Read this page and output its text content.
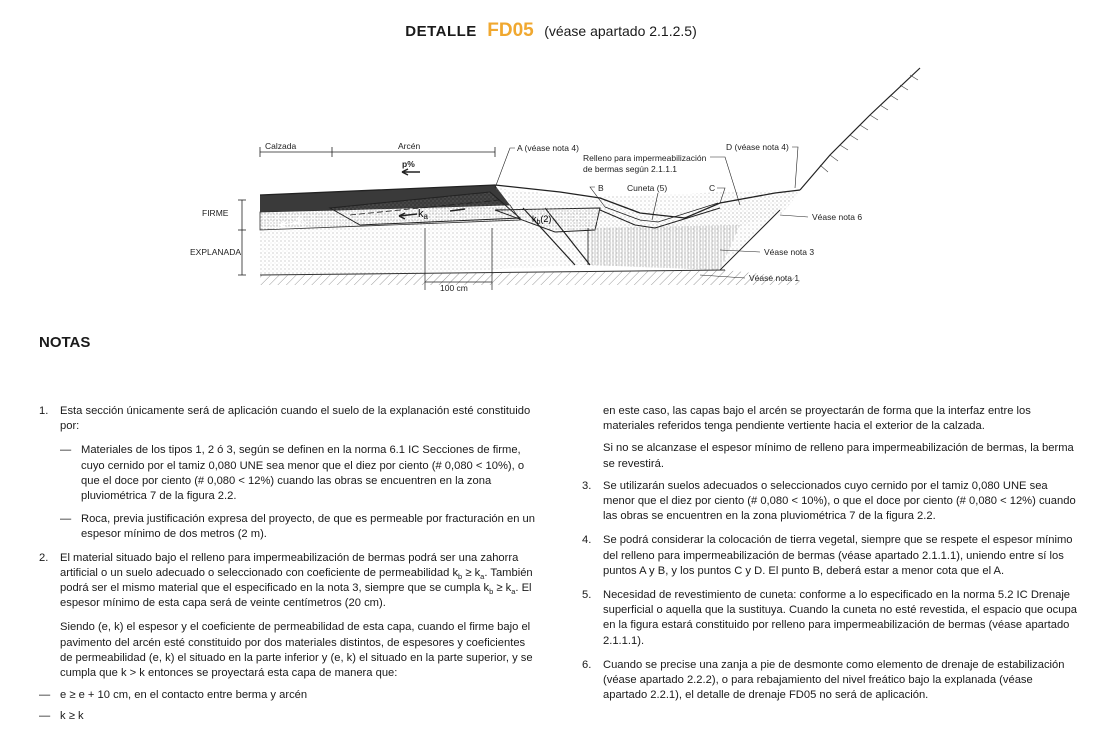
DETALLE FD05 (véase apartado 2.1.2.5)
Calzada	Arcén
FIRME
EXPLANADA
p%
kc
ka	$k_b(2)$
100 cm
A (véase nota 4)
Relleno para impermeabilización
de bermas según 2.1.1.1
B	Cuneta (5)	C
D (véase nota 4)
Véase nota 6
Véase nota 3
Véase nota 1
NOTAS
1. Esta sección únicamente será de aplicación cuando el suelo de la explanación esté constituido por:
— Materiales de los tipos 1, 2 ó 3, según se definen en la norma 6.1 IC Secciones de firme, cuyo cernido por el tamiz 0,080 UNE sea menor que el diez por ciento (# 0,080 < 10%), o que el doce por ciento (# 0,080 < 12%) cuando las obras se encuentren en la zona pluviométrica 7 de la figura 2.2.
— Roca, previa justificación expresa del proyecto, de que es permeable por fracturación en un espesor mínimo de dos metros (2 m).
2. El material situado bajo el relleno para impermeabilización de bermas podrá ser una zahorra artificial o un suelo adecuado o seleccionado con coeficiente de permeabilidad $k_b \ge k_a$. También podrá ser el mismo material que el especificado en la nota 3, siempre que se cumpla $k_b \ge k_a$. El espesor mínimo de esta capa será de veinte centímetros (20 cm).
Siendo (e, k) el espesor y el coeficiente de permeabilidad de esta capa, cuando el firme bajo el pavimento del arcén esté constituido por dos materiales distintos, de espesores y coeficientes de permeabilidad (e, k) el situado en la parte inferior y (e, k) el situado en la parte superior, y se cumpla que k > k entonces se proyectará esta capa de manera que:
— e ≥ e + 10 cm, en el contacto entre berma y arcén
— k ≥ k
en este caso, las capas bajo el arcén se proyectarán de forma que la interfaz entre los materiales referidos tenga pendiente vertiente hacia el exterior de la calzada.
Si no se alcanzase el espesor mínimo de relleno para impermeabilización de bermas, la berma se revestirá.
3. Se utilizarán suelos adecuados o seleccionados cuyo cernido por el tamiz 0,080 UNE sea menor que el diez por ciento (# 0,080 < 10%), o que el doce por ciento (# 0,080 < 12%) cuando las obras se encuentren en la zona pluviométrica 7 de la figura 2.2.
4. Se podrá considerar la colocación de tierra vegetal, siempre que se respete el espesor mínimo del relleno para impermeabilización de bermas (véase apartado 2.1.1.1), uniendo entre sí los puntos A y B, y los puntos C y D. El punto B, deberá estar a menor cota que el A.
5. Necesidad de revestimiento de cuneta: conforme a lo especificado en la norma 5.2 IC Drenaje superficial o aquella que la sustituya. Cuando la cuneta no esté revestida, el espacio que ocupa en la figura estará constituido por relleno para impermeabilización de bermas (véase apartado 2.1.1.1).
6. Cuando se precise una zanja a pie de desmonte como elemento de drenaje de estabilización (véase apartado 2.2.2), o para rebajamiento del nivel freático bajo la explanada (véase apartado 2.2.1), el detalle de drenaje FD05 no será de aplicación.
